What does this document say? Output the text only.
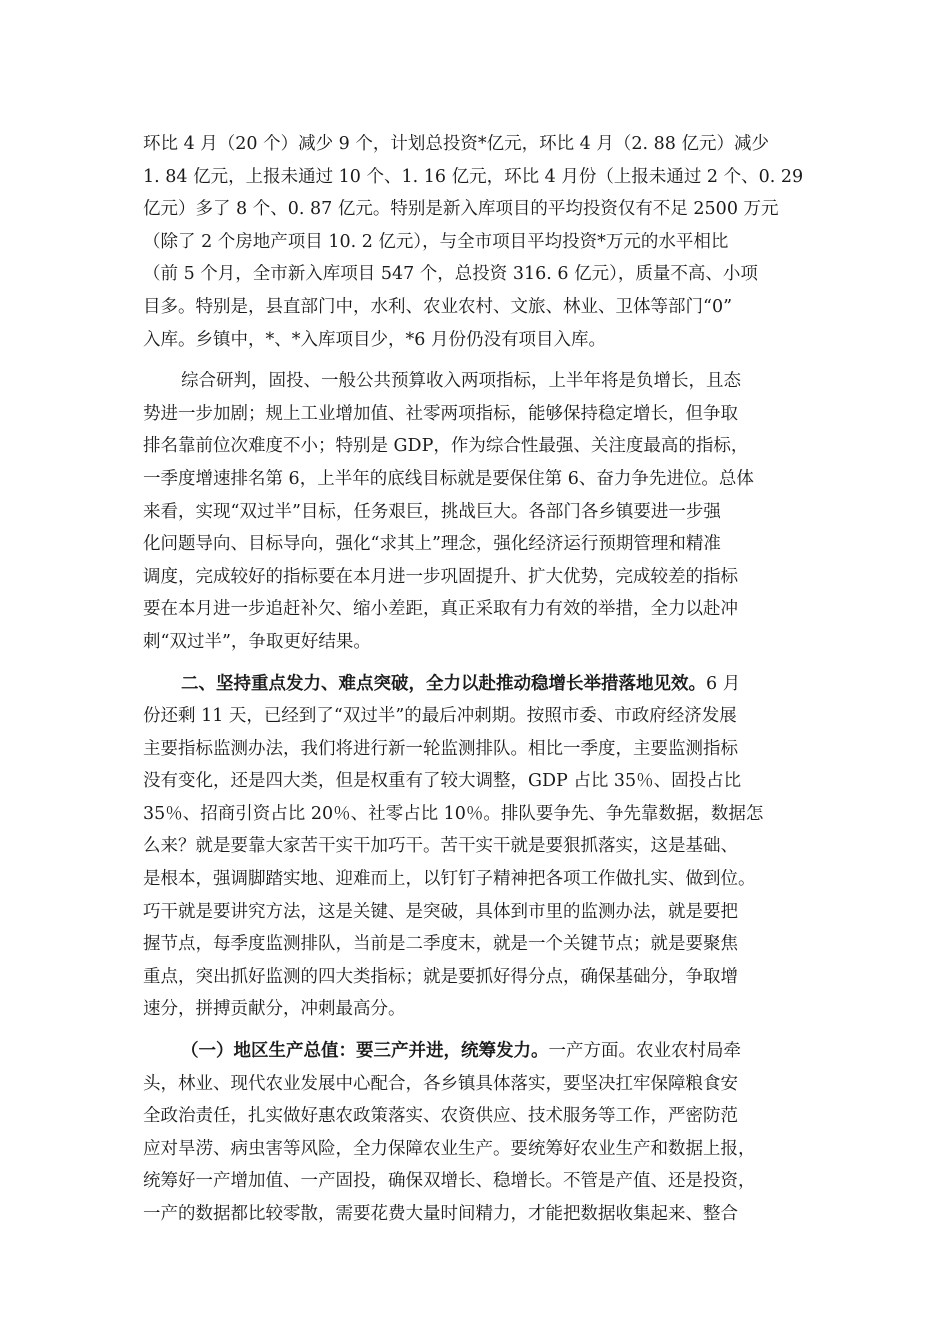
环比 4 月（20 个）减少 9 个，计划总投资*亿元，环比 4 月（2. 88 亿元）减少
1. 84 亿元，上报未通过 10 个、1. 16 亿元，环比 4 月份（上报未通过 2 个、0. 29
亿元）多了 8 个、0. 87 亿元。特别是新入库项目的平均投资仅有不足 2500 万元
（除了 2 个房地产项目 10. 2 亿元），与全市项目平均投资*万元的水平相比
（前 5 个月，全市新入库项目 547 个，总投资 316. 6 亿元），质量不高、小项
目多。特别是，县直部门中，水利、农业农村、文旅、林业、卫体等部门“0”
入库。乡镇中，*、*入库项目少，*6 月份仍没有项目入库。
综合研判，固投、一般公共预算收入两项指标，上半年将是负增长，且态
势进一步加剧；规上工业增加值、社零两项指标，能够保持稳定增长，但争取
排名靠前位次难度不小；特别是 GDP，作为综合性最强、关注度最高的指标，
一季度增速排名第 6，上半年的底线目标就是要保住第 6、奋力争先进位。总体
来看，实现“双过半”目标，任务艰巨，挑战巨大。各部门各乡镇要进一步强
化问题导向、目标导向，强化“求其上”理念，强化经济运行预期管理和精准
调度，完成较好的指标要在本月进一步巩固提升、扩大优势，完成较差的指标
要在本月进一步追赶补欠、缩小差距，真正采取有力有效的举措，全力以赴冲
刺“双过半”，争取更好结果。
二、坚持重点发力、难点突破，全力以赴推动稳增长举措落地见效。6 月
份还剩 11 天，已经到了“双过半”的最后冲刺期。按照市委、市政府经济发展
主要指标监测办法，我们将进行新一轮监测排队。相比一季度，主要监测指标
没有变化，还是四大类，但是权重有了较大调整，GDP 占比 35％、固投占比
35％、招商引资占比 20％、社零占比 10％。排队要争先、争先靠数据，数据怎
么来？就是要靠大家苦干实干加巧干。苦干实干就是要狠抓落实，这是基础、
是根本，强调脚踏实地、迎难而上，以钉钉子精神把各项工作做扎实、做到位。
巧干就是要讲究方法，这是关键、是突破，具体到市里的监测办法，就是要把
握节点，每季度监测排队，当前是二季度末，就是一个关键节点；就是要聚焦
重点，突出抓好监测的四大类指标；就是要抓好得分点，确保基础分，争取增
速分，拼搏贡献分，冲刺最高分。
（一）地区生产总值：要三产并进，统筹发力。一产方面。农业农村局牵
头，林业、现代农业发展中心配合，各乡镇具体落实，要坚决扛牢保障粮食安
全政治责任，扎实做好惠农政策落实、农资供应、技术服务等工作，严密防范
应对旱涝、病虫害等风险，全力保障农业生产。要统筹好农业生产和数据上报，
统筹好一产增加值、一产固投，确保双增长、稳增长。不管是产值、还是投资，
一产的数据都比较零散，需要花费大量时间精力，才能把数据收集起来、整合
